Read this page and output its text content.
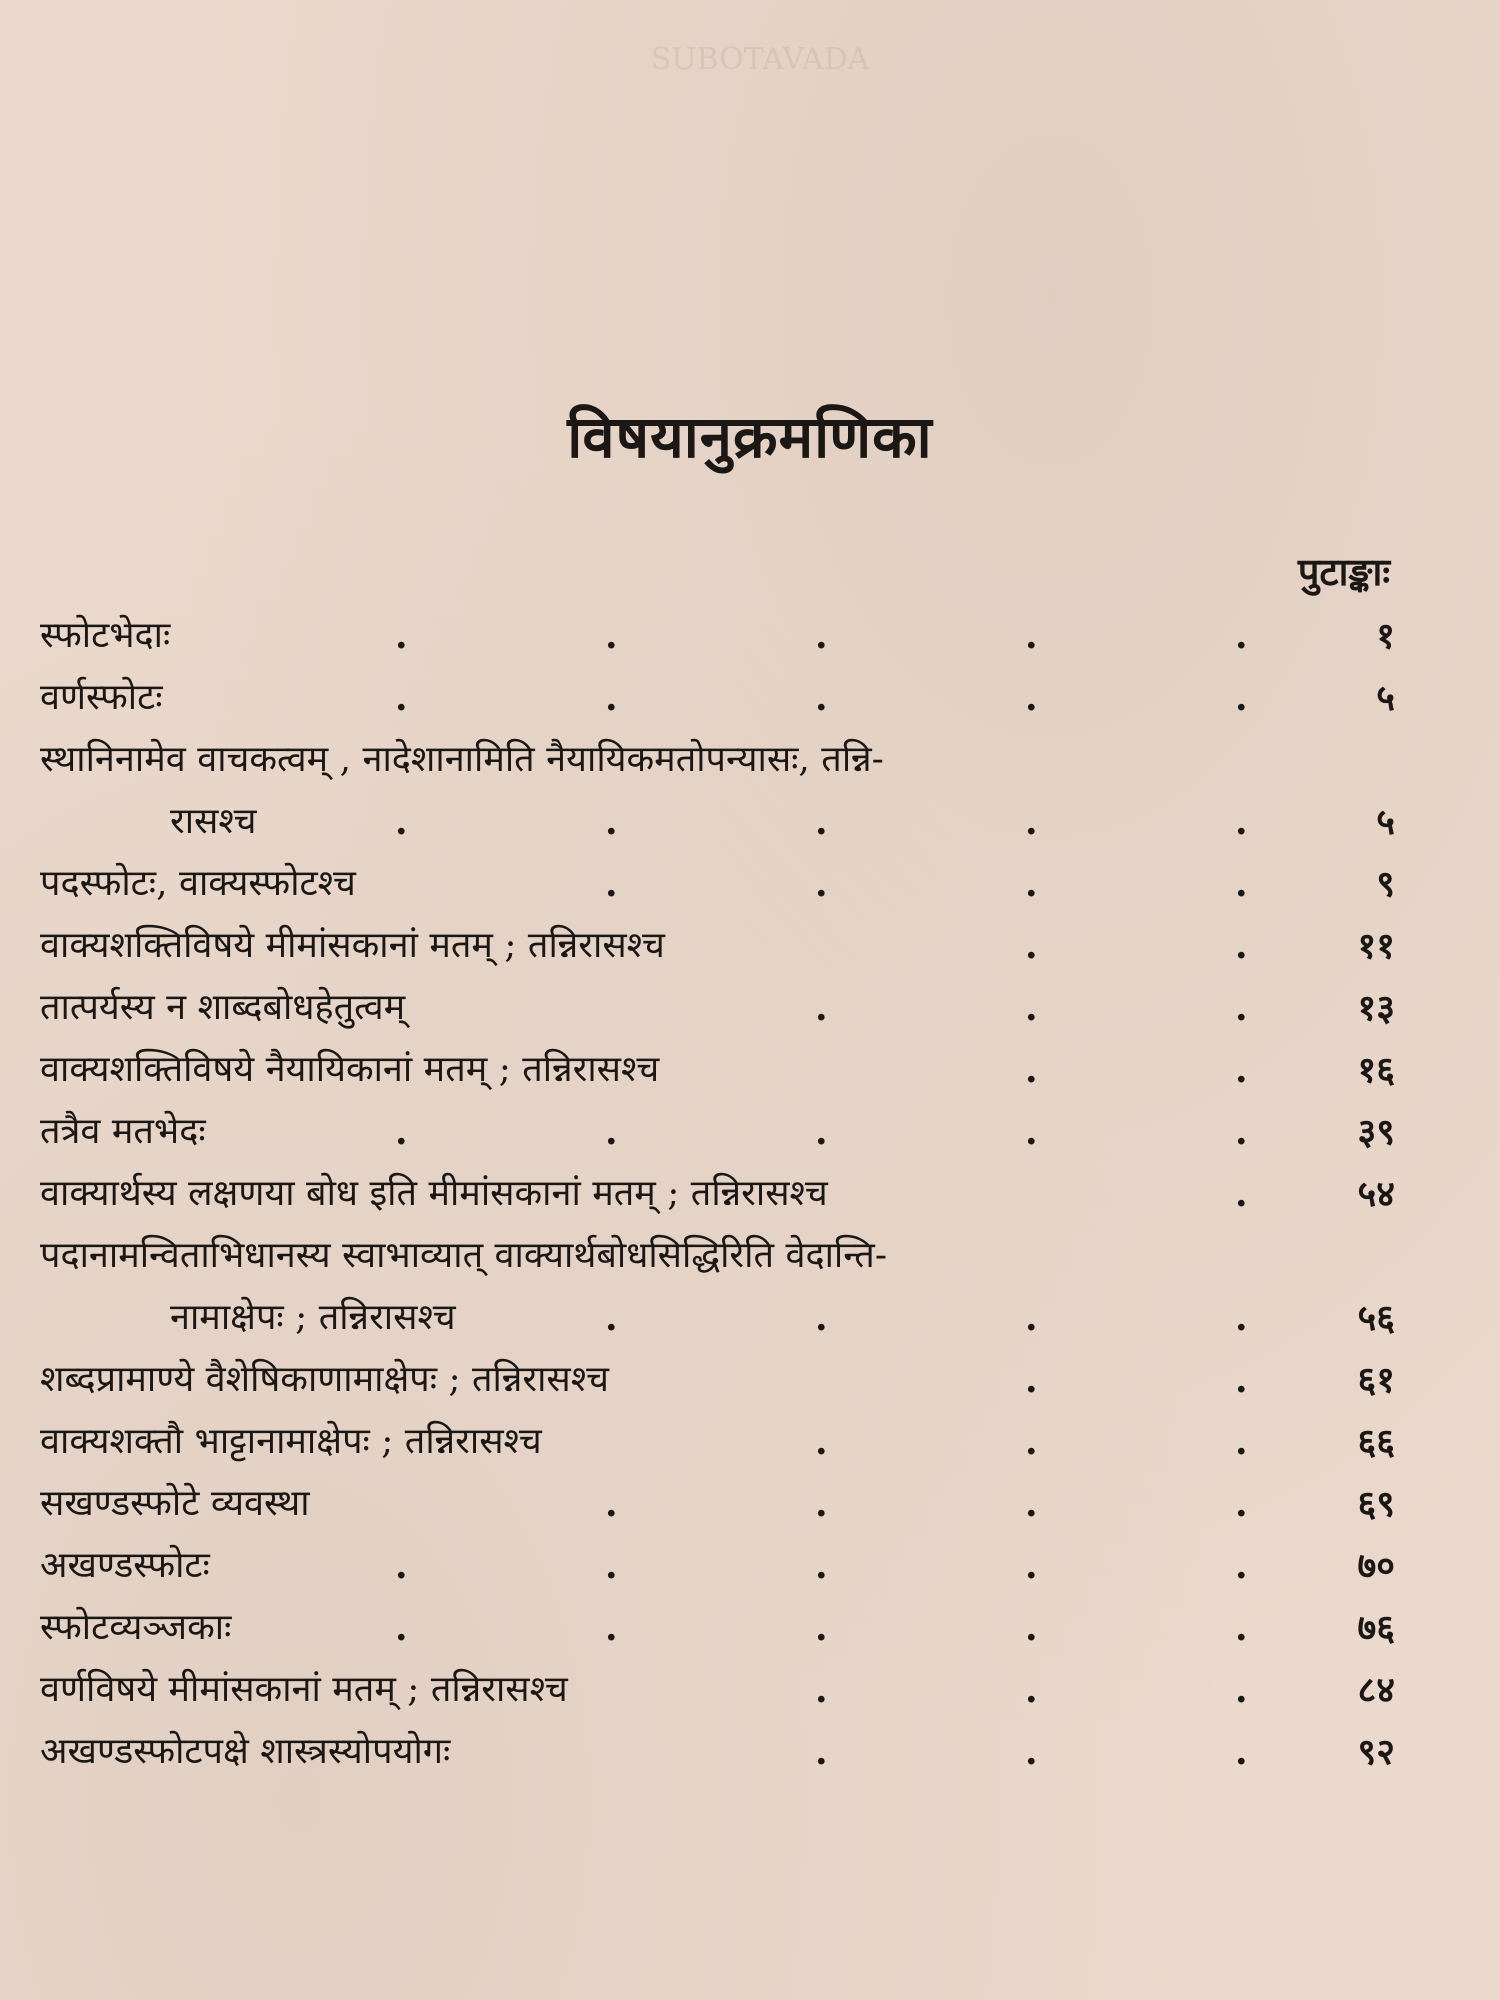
SUBOTAVADA
विषयानुक्रमणिका
पुटाङ्काः
स्फोटभेदाः	.	.	.	.	.	१
वर्णस्फोटः	.	.	.	.	.	५
स्थानिनामेव वाचकत्वम् , नादेशानामिति नैयायिकमतोपन्यासः, तन्नि-
रासश्च	.	.	.	.	.	५
पदस्फोटः, वाक्यस्फोटश्च	.	.	.	.	९
वाक्यशक्तिविषये मीमांसकानां मतम् ; तन्निरासश्च	.	.	११
तात्पर्यस्य न शाब्दबोधहेतुत्वम्	.	.	.	१३
वाक्यशक्तिविषये नैयायिकानां मतम् ; तन्निरासश्च	.	.	१६
तत्रैव मतभेदः	.	.	.	.	.	३९
वाक्यार्थस्य लक्षणया बोध इति मीमांसकानां मतम् ; तन्निरासश्च	.	५४
पदानामन्विताभिधानस्य स्वाभाव्यात् वाक्यार्थबोधसिद्धिरिति वेदान्ति-
नामाक्षेपः ; तन्निरासश्च	.	.	.	.	५६
शब्दप्रामाण्ये वैशेषिकाणामाक्षेपः ; तन्निरासश्च	.	.	६१
वाक्यशक्तौ भाट्टानामाक्षेपः ; तन्निरासश्च	.	.	.	६६
सखण्डस्फोटे व्यवस्था	.	.	.	.	६९
अखण्डस्फोटः	.	.	.	.	.	७०
स्फोटव्यञ्जकाः	.	.	.	.	.	७६
वर्णविषये मीमांसकानां मतम् ; तन्निरासश्च	.	.	.	८४
अखण्डस्फोटपक्षे शास्त्रस्योपयोगः	.	.	.	९२
